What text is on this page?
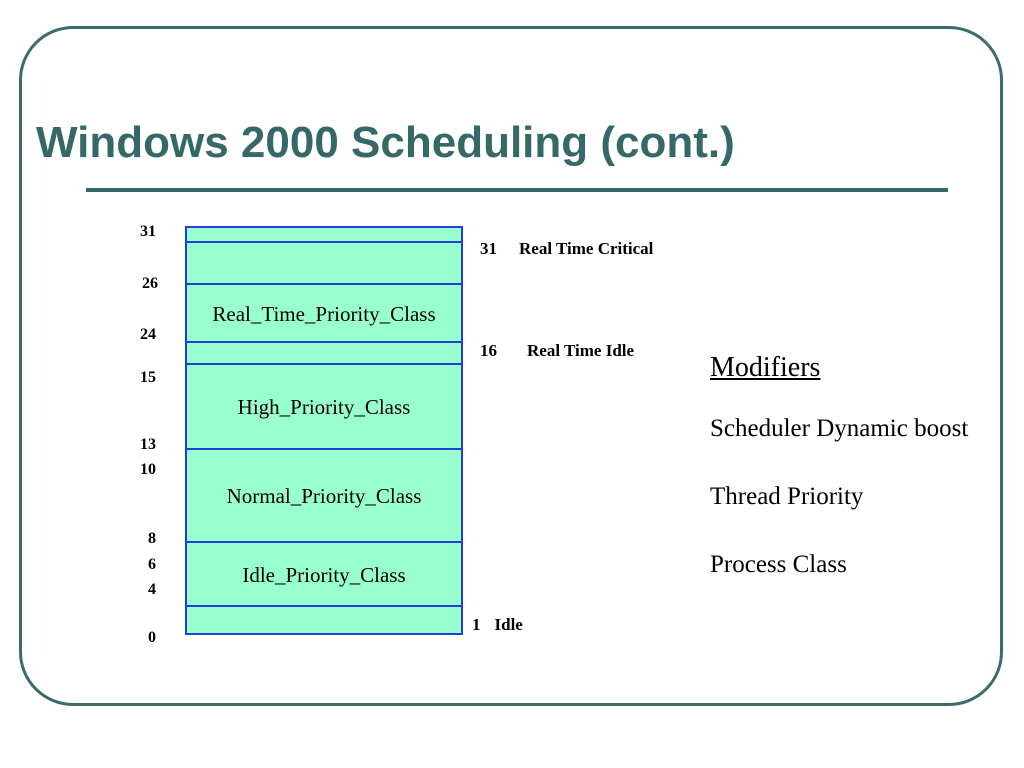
Windows 2000 Scheduling (cont.)
31
26
24
15
13
10
8
6
4
0
Real_Time_Priority_Class
High_Priority_Class
Normal_Priority_Class
Idle_Priority_Class
31 Real Time Critical
16 Real Time Idle
1 Idle
Modifiers
Scheduler Dynamic boost
Thread Priority
Process Class
